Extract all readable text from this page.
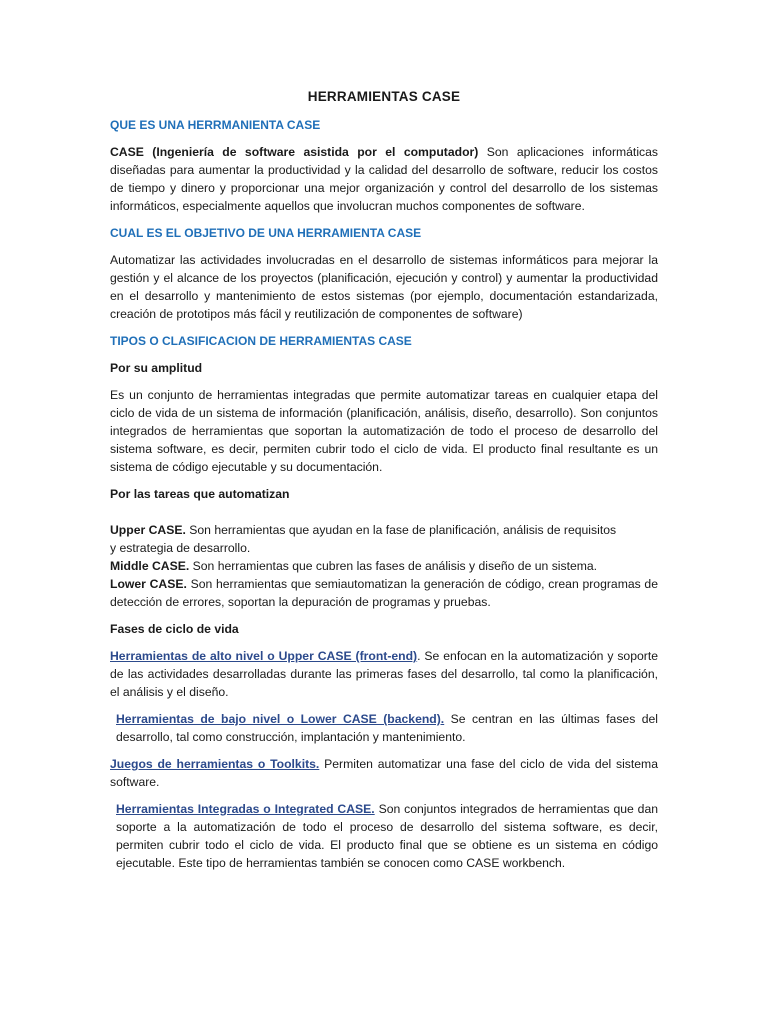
HERRAMIENTAS CASE
QUE ES UNA HERRMANIENTA CASE

CASE (Ingeniería de software asistida por el computador) Son aplicaciones informáticas diseñadas para aumentar la productividad y la calidad del desarrollo de software, reducir los costos de tiempo y dinero y proporcionar una mejor organización y control del desarrollo de los sistemas informáticos, especialmente aquellos que involucran muchos componentes de software.

CUAL ES EL OBJETIVO DE UNA HERRAMIENTA CASE

Automatizar las actividades involucradas en el desarrollo de sistemas informáticos para mejorar la gestión y el alcance de los proyectos (planificación, ejecución y control) y aumentar la productividad en el desarrollo y mantenimiento de estos sistemas (por ejemplo, documentación estandarizada, creación de prototipos más fácil y reutilización de componentes de software)

TIPOS O CLASIFICACION DE HERRAMIENTAS CASE
Por su amplitud

Es un conjunto de herramientas integradas que permite automatizar tareas en cualquier etapa del ciclo de vida de un sistema de información (planificación, análisis, diseño, desarrollo). Son conjuntos integrados de herramientas que soportan la automatización de todo el proceso de desarrollo del sistema software, es decir, permiten cubrir todo el ciclo de vida. El producto final resultante es un sistema de código ejecutable y su documentación.

Por las tareas que automatizan

Upper CASE. Son herramientas que ayudan en la fase de planificación, análisis de requisitos
y estrategia de desarrollo.

Middle CASE. Son herramientas que cubren las fases de análisis y diseño de un sistema.

Lower CASE. Son herramientas que semiautomatizan la generación de código, crean programas de detección de errores, soportan la depuración de programas y pruebas.

Fases de ciclo de vida

Herramientas de alto nivel o Upper CASE (front-end). Se enfocan en la automatización y soporte de las actividades desarrolladas durante las primeras fases del desarrollo, tal como la planificación, el análisis y el diseño.

Herramientas de bajo nivel o Lower CASE (backend). Se centran en las últimas fases del desarrollo, tal como construcción, implantación y mantenimiento.

Juegos de herramientas o Toolkits. Permiten automatizar una fase del ciclo de vida del sistema software.

Herramientas Integradas o Integrated CASE. Son conjuntos integrados de herramientas que dan soporte a la automatización de todo el proceso de desarrollo del sistema software, es decir, permiten cubrir todo el ciclo de vida. El producto final que se obtiene es un sistema en código ejecutable. Este tipo de herramientas también se conocen como CASE workbench.
